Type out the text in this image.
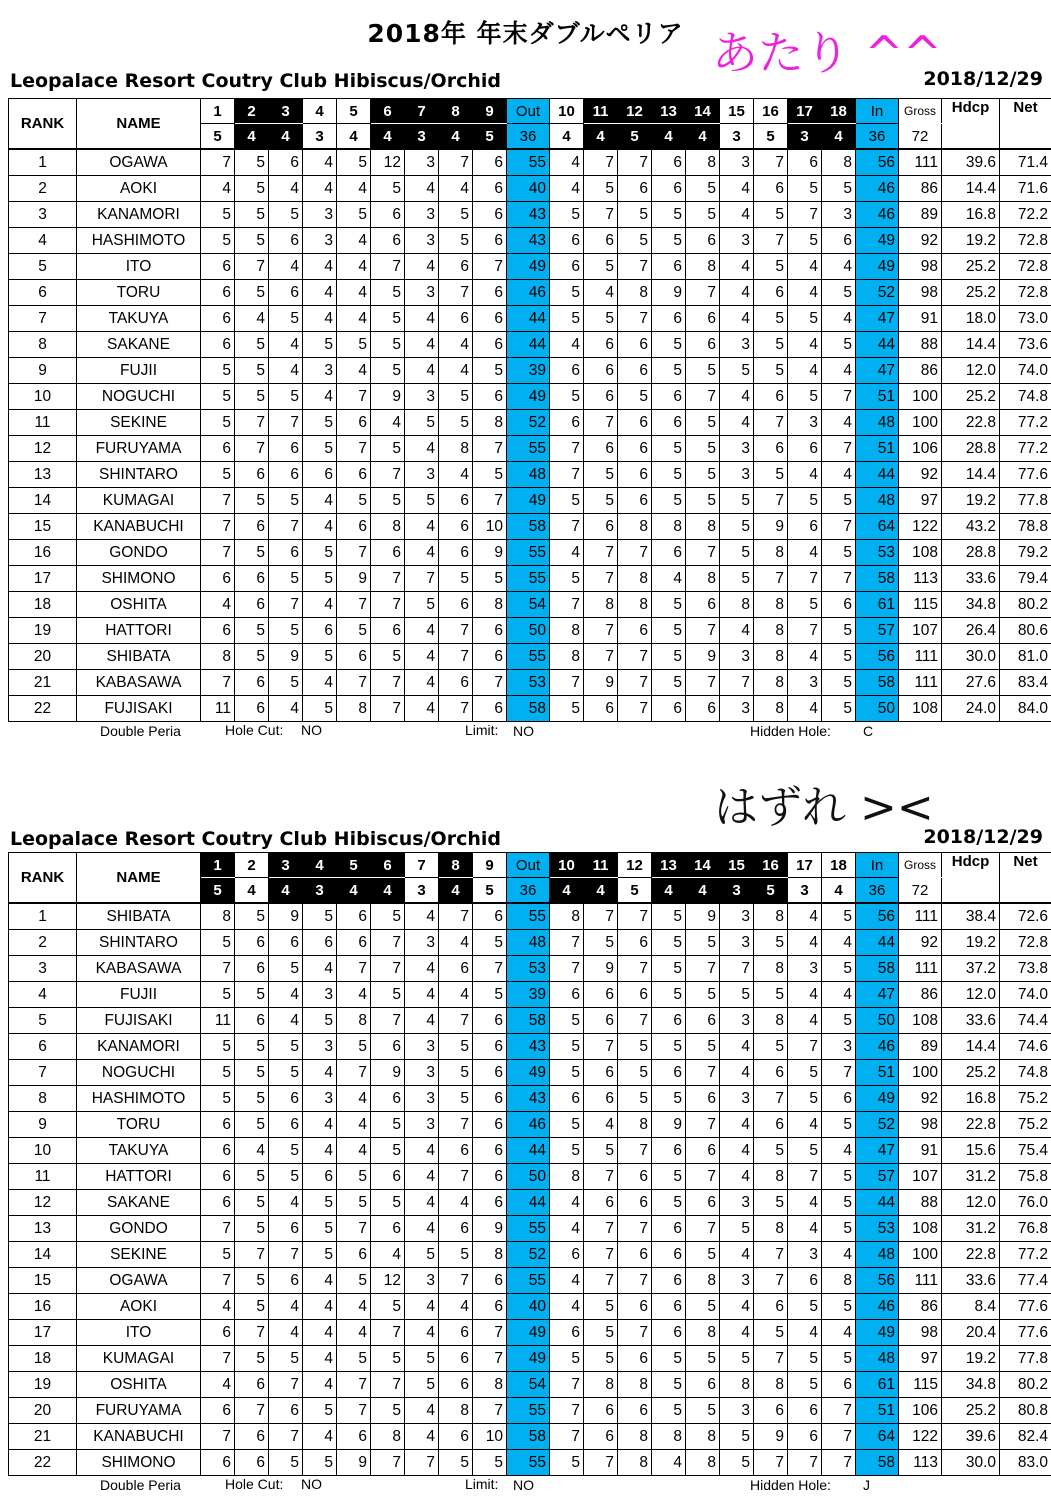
2018年 年末ダブルペリア あたり ^^
Leopalace Resort Coutry Club Hibiscus/Orchid	2018/12/29
RANK	NAME	1	2	3	4	5	6	7	8	9	Out	10	11	12	13	14	15	16	17	18	In	Gross	Hdcp	Net
		5	4	4	3	4	4	3	4	5	36	4	4	5	4	4	3	5	3	4	36	72		
1	OGAWA	7	5	6	4	5	12	3	7	6	55	4	7	7	6	8	3	7	6	8	56	111	39.6	71.4
2	AOKI	4	5	4	4	4	5	4	4	6	40	4	5	6	6	5	4	6	5	5	46	86	14.4	71.6
3	KANAMORI	5	5	5	3	5	6	3	5	6	43	5	7	5	5	5	4	5	7	3	46	89	16.8	72.2
4	HASHIMOTO	5	5	6	3	4	6	3	5	6	43	6	6	5	5	6	3	7	5	6	49	92	19.2	72.8
5	ITO	6	7	4	4	4	7	4	6	7	49	6	5	7	6	8	4	5	4	4	49	98	25.2	72.8
6	TORU	6	5	6	4	4	5	3	7	6	46	5	4	8	9	7	4	6	4	5	52	98	25.2	72.8
7	TAKUYA	6	4	5	4	4	5	4	6	6	44	5	5	7	6	6	4	5	5	4	47	91	18.0	73.0
8	SAKANE	6	5	4	5	5	5	4	4	6	44	4	6	6	5	6	3	5	4	5	44	88	14.4	73.6
9	FUJII	5	5	4	3	4	5	4	4	5	39	6	6	6	5	5	5	5	4	4	47	86	12.0	74.0
10	NOGUCHI	5	5	5	4	7	9	3	5	6	49	5	6	5	6	7	4	6	5	7	51	100	25.2	74.8
11	SEKINE	5	7	7	5	6	4	5	5	8	52	6	7	6	6	5	4	7	3	4	48	100	22.8	77.2
12	FURUYAMA	6	7	6	5	7	5	4	8	7	55	7	6	6	5	5	3	6	6	7	51	106	28.8	77.2
13	SHINTARO	5	6	6	6	6	7	3	4	5	48	7	5	6	5	5	3	5	4	4	44	92	14.4	77.6
14	KUMAGAI	7	5	5	4	5	5	5	6	7	49	5	5	6	5	5	5	7	5	5	48	97	19.2	77.8
15	KANABUCHI	7	6	7	4	6	8	4	6	10	58	7	6	8	8	8	5	9	6	7	64	122	43.2	78.8
16	GONDO	7	5	6	5	7	6	4	6	9	55	4	7	7	6	7	5	8	4	5	53	108	28.8	79.2
17	SHIMONO	6	6	5	5	9	7	7	5	5	55	5	7	8	4	8	5	7	7	7	58	113	33.6	79.4
18	OSHITA	4	6	7	4	7	7	5	6	8	54	7	8	8	5	6	8	8	5	6	61	115	34.8	80.2
19	HATTORI	6	5	5	6	5	6	4	7	6	50	8	7	6	5	7	4	8	7	5	57	107	26.4	80.6
20	SHIBATA	8	5	9	5	6	5	4	7	6	55	8	7	7	5	9	3	8	4	5	56	111	30.0	81.0
21	KABASAWA	7	6	5	4	7	7	4	6	7	53	7	9	7	5	7	7	8	3	5	58	111	27.6	83.4
22	FUJISAKI	11	6	4	5	8	7	4	7	6	58	5	6	7	6	6	3	8	4	5	50	108	24.0	84.0
Double Peria	Hole Cut: NO	Limit: NO	Hidden Hole: C
はずれ ><
Leopalace Resort Coutry Club Hibiscus/Orchid	2018/12/29
RANK	NAME	1	2	3	4	5	6	7	8	9	Out	10	11	12	13	14	15	16	17	18	In	Gross	Hdcp	Net
		5	4	4	3	4	4	3	4	5	36	4	4	5	4	4	3	5	3	4	36	72		
1	SHIBATA	8	5	9	5	6	5	4	7	6	55	8	7	7	5	9	3	8	4	5	56	111	38.4	72.6
2	SHINTARO	5	6	6	6	6	7	3	4	5	48	7	5	6	5	5	3	5	4	4	44	92	19.2	72.8
3	KABASAWA	7	6	5	4	7	7	4	6	7	53	7	9	7	5	7	7	8	3	5	58	111	37.2	73.8
4	FUJII	5	5	4	3	4	5	4	4	5	39	6	6	6	5	5	5	5	4	4	47	86	12.0	74.0
5	FUJISAKI	11	6	4	5	8	7	4	7	6	58	5	6	7	6	6	3	8	4	5	50	108	33.6	74.4
6	KANAMORI	5	5	5	3	5	6	3	5	6	43	5	7	5	5	5	4	5	7	3	46	89	14.4	74.6
7	NOGUCHI	5	5	5	4	7	9	3	5	6	49	5	6	5	6	7	4	6	5	7	51	100	25.2	74.8
8	HASHIMOTO	5	5	6	3	4	6	3	5	6	43	6	6	5	5	6	3	7	5	6	49	92	16.8	75.2
9	TORU	6	5	6	4	4	5	3	7	6	46	5	4	8	9	7	4	6	4	5	52	98	22.8	75.2
10	TAKUYA	6	4	5	4	4	5	4	6	6	44	5	5	7	6	6	4	5	5	4	47	91	15.6	75.4
11	HATTORI	6	5	5	6	5	6	4	7	6	50	8	7	6	5	7	4	8	7	5	57	107	31.2	75.8
12	SAKANE	6	5	4	5	5	5	4	4	6	44	4	6	6	5	6	3	5	4	5	44	88	12.0	76.0
13	GONDO	7	5	6	5	7	6	4	6	9	55	4	7	7	6	7	5	8	4	5	53	108	31.2	76.8
14	SEKINE	5	7	7	5	6	4	5	5	8	52	6	7	6	6	5	4	7	3	4	48	100	22.8	77.2
15	OGAWA	7	5	6	4	5	12	3	7	6	55	4	7	7	6	8	3	7	6	8	56	111	33.6	77.4
16	AOKI	4	5	4	4	4	5	4	4	6	40	4	5	6	6	5	4	6	5	5	46	86	8.4	77.6
17	ITO	6	7	4	4	4	7	4	6	7	49	6	5	7	6	8	4	5	4	4	49	98	20.4	77.6
18	KUMAGAI	7	5	5	4	5	5	5	6	7	49	5	5	6	5	5	5	7	5	5	48	97	19.2	77.8
19	OSHITA	4	6	7	4	7	7	5	6	8	54	7	8	8	5	6	8	8	5	6	61	115	34.8	80.2
20	FURUYAMA	6	7	6	5	7	5	4	8	7	55	7	6	6	5	5	3	6	6	7	51	106	25.2	80.8
21	KANABUCHI	7	6	7	4	6	8	4	6	10	58	7	6	8	8	8	5	9	6	7	64	122	39.6	82.4
22	SHIMONO	6	6	5	5	9	7	7	5	5	55	5	7	8	4	8	5	7	7	7	58	113	30.0	83.0
Double Peria	Hole Cut: NO	Limit: NO	Hidden Hole: J
